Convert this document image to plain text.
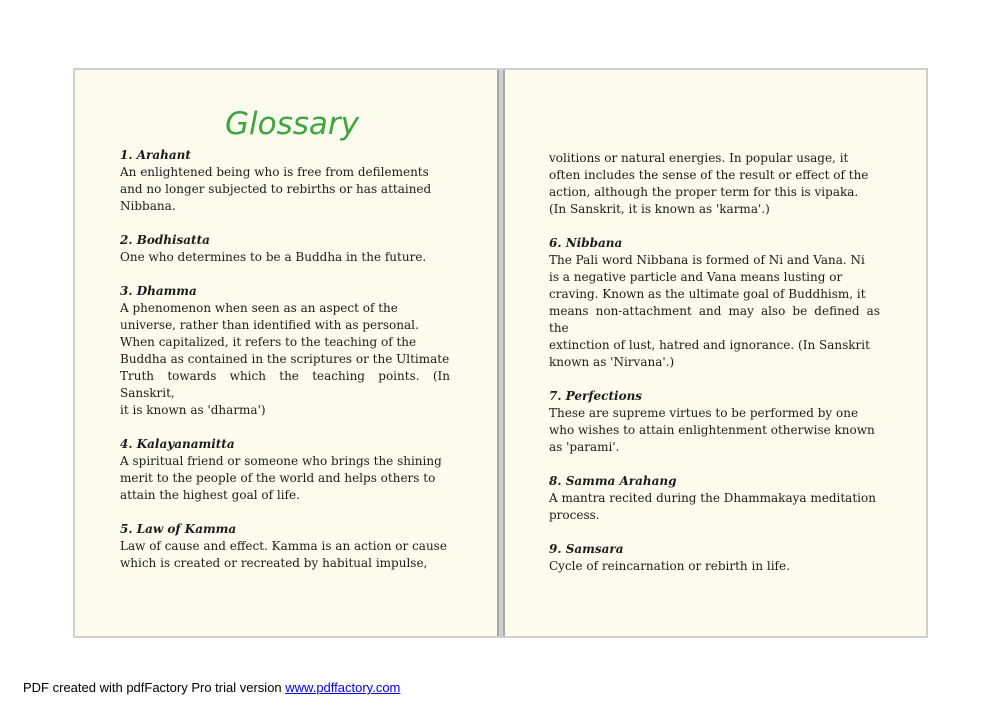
Glossary

1. Arahant

An enlightened being who is free from defilements

and no longer subjected to rebirths or has attained

Nibbana.

2. Bodhisatta

One who determines to be a Buddha in the future.

3. Dhamma

A phenomenon when seen as an aspect of the

universe, rather than identified with as personal.

When capitalized, it refers to the teaching of the

Buddha as contained in the scriptures or the Ultimate

Truth towards which the teaching points. (In Sanskrit,

it is known as 'dharma')

4. Kalayanamitta

A spiritual friend or someone who brings the shining

merit to the people of the world and helps others to

attain the highest goal of life.

5. Law of Kamma

Law of cause and effect. Kamma is an action or cause

which is created or recreated by habitual impulse,

volitions or natural energies. In popular usage, it

often includes the sense of the result or effect of the

action, although the proper term for this is vipaka.

(In Sanskrit, it is known as 'karma'.)

6. Nibbana

The Pali word Nibbana is formed of Ni and Vana. Ni

is a negative particle and Vana means lusting or

craving. Known as the ultimate goal of Buddhism, it

means non-attachment and may also be defined as the

extinction of lust, hatred and ignorance. (In Sanskrit

known as 'Nirvana'.)

7. Perfections

These are supreme virtues to be performed by one

who wishes to attain enlightenment otherwise known

as 'parami'.

8. Samma Arahang

A mantra recited during the Dhammakaya meditation

process.

9. Samsara

Cycle of reincarnation or rebirth in life.

PDF created with pdfFactory Pro trial version www.pdffactory.com
